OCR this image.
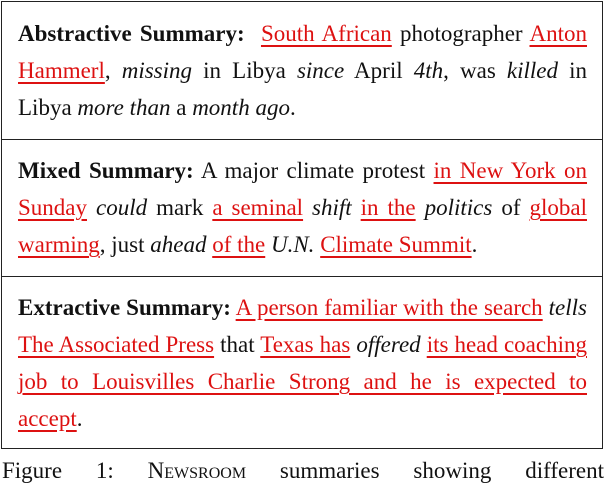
Abstractive Summary: South African photographer Anton Hammerl, missing in Libya since April 4th, was killed in Libya more than a month ago.
Mixed Summary: A major climate protest in New York on Sunday could mark a seminal shift in the politics of global warming, just ahead of the U.N. Climate Summit.
Extractive Summary: A person familiar with the search tells The Associated Press that Texas has offered its head coaching job to Louisvilles Charlie Strong and he is expected to accept.
Figure 1: Newsroom summaries showing different
